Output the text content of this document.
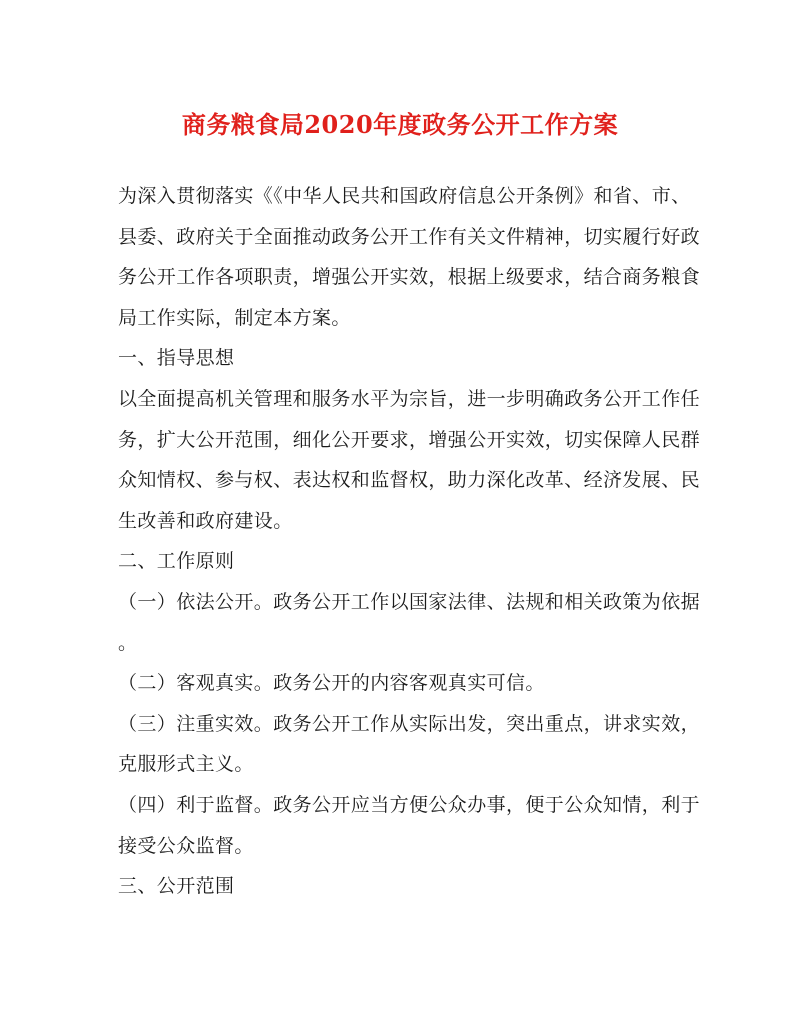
商务粮食局2020年度政务公开工作方案
为深入贯彻落实《《中华人民共和国政府信息公开条例》和省、市、
县委、政府关于全面推动政务公开工作有关文件精神，切实履行好政
务公开工作各项职责，增强公开实效，根据上级要求，结合商务粮食
局工作实际，制定本方案。
一、指导思想
以全面提高机关管理和服务水平为宗旨，进一步明确政务公开工作任
务，扩大公开范围，细化公开要求，增强公开实效，切实保障人民群
众知情权、参与权、表达权和监督权，助力深化改革、经济发展、民
生改善和政府建设。
二、工作原则
（一）依法公开。政务公开工作以国家法律、法规和相关政策为依据
。
（二）客观真实。政务公开的内容客观真实可信。
（三）注重实效。政务公开工作从实际出发，突出重点，讲求实效，
克服形式主义。
（四）利于监督。政务公开应当方便公众办事，便于公众知情，利于
接受公众监督。
三、公开范围
